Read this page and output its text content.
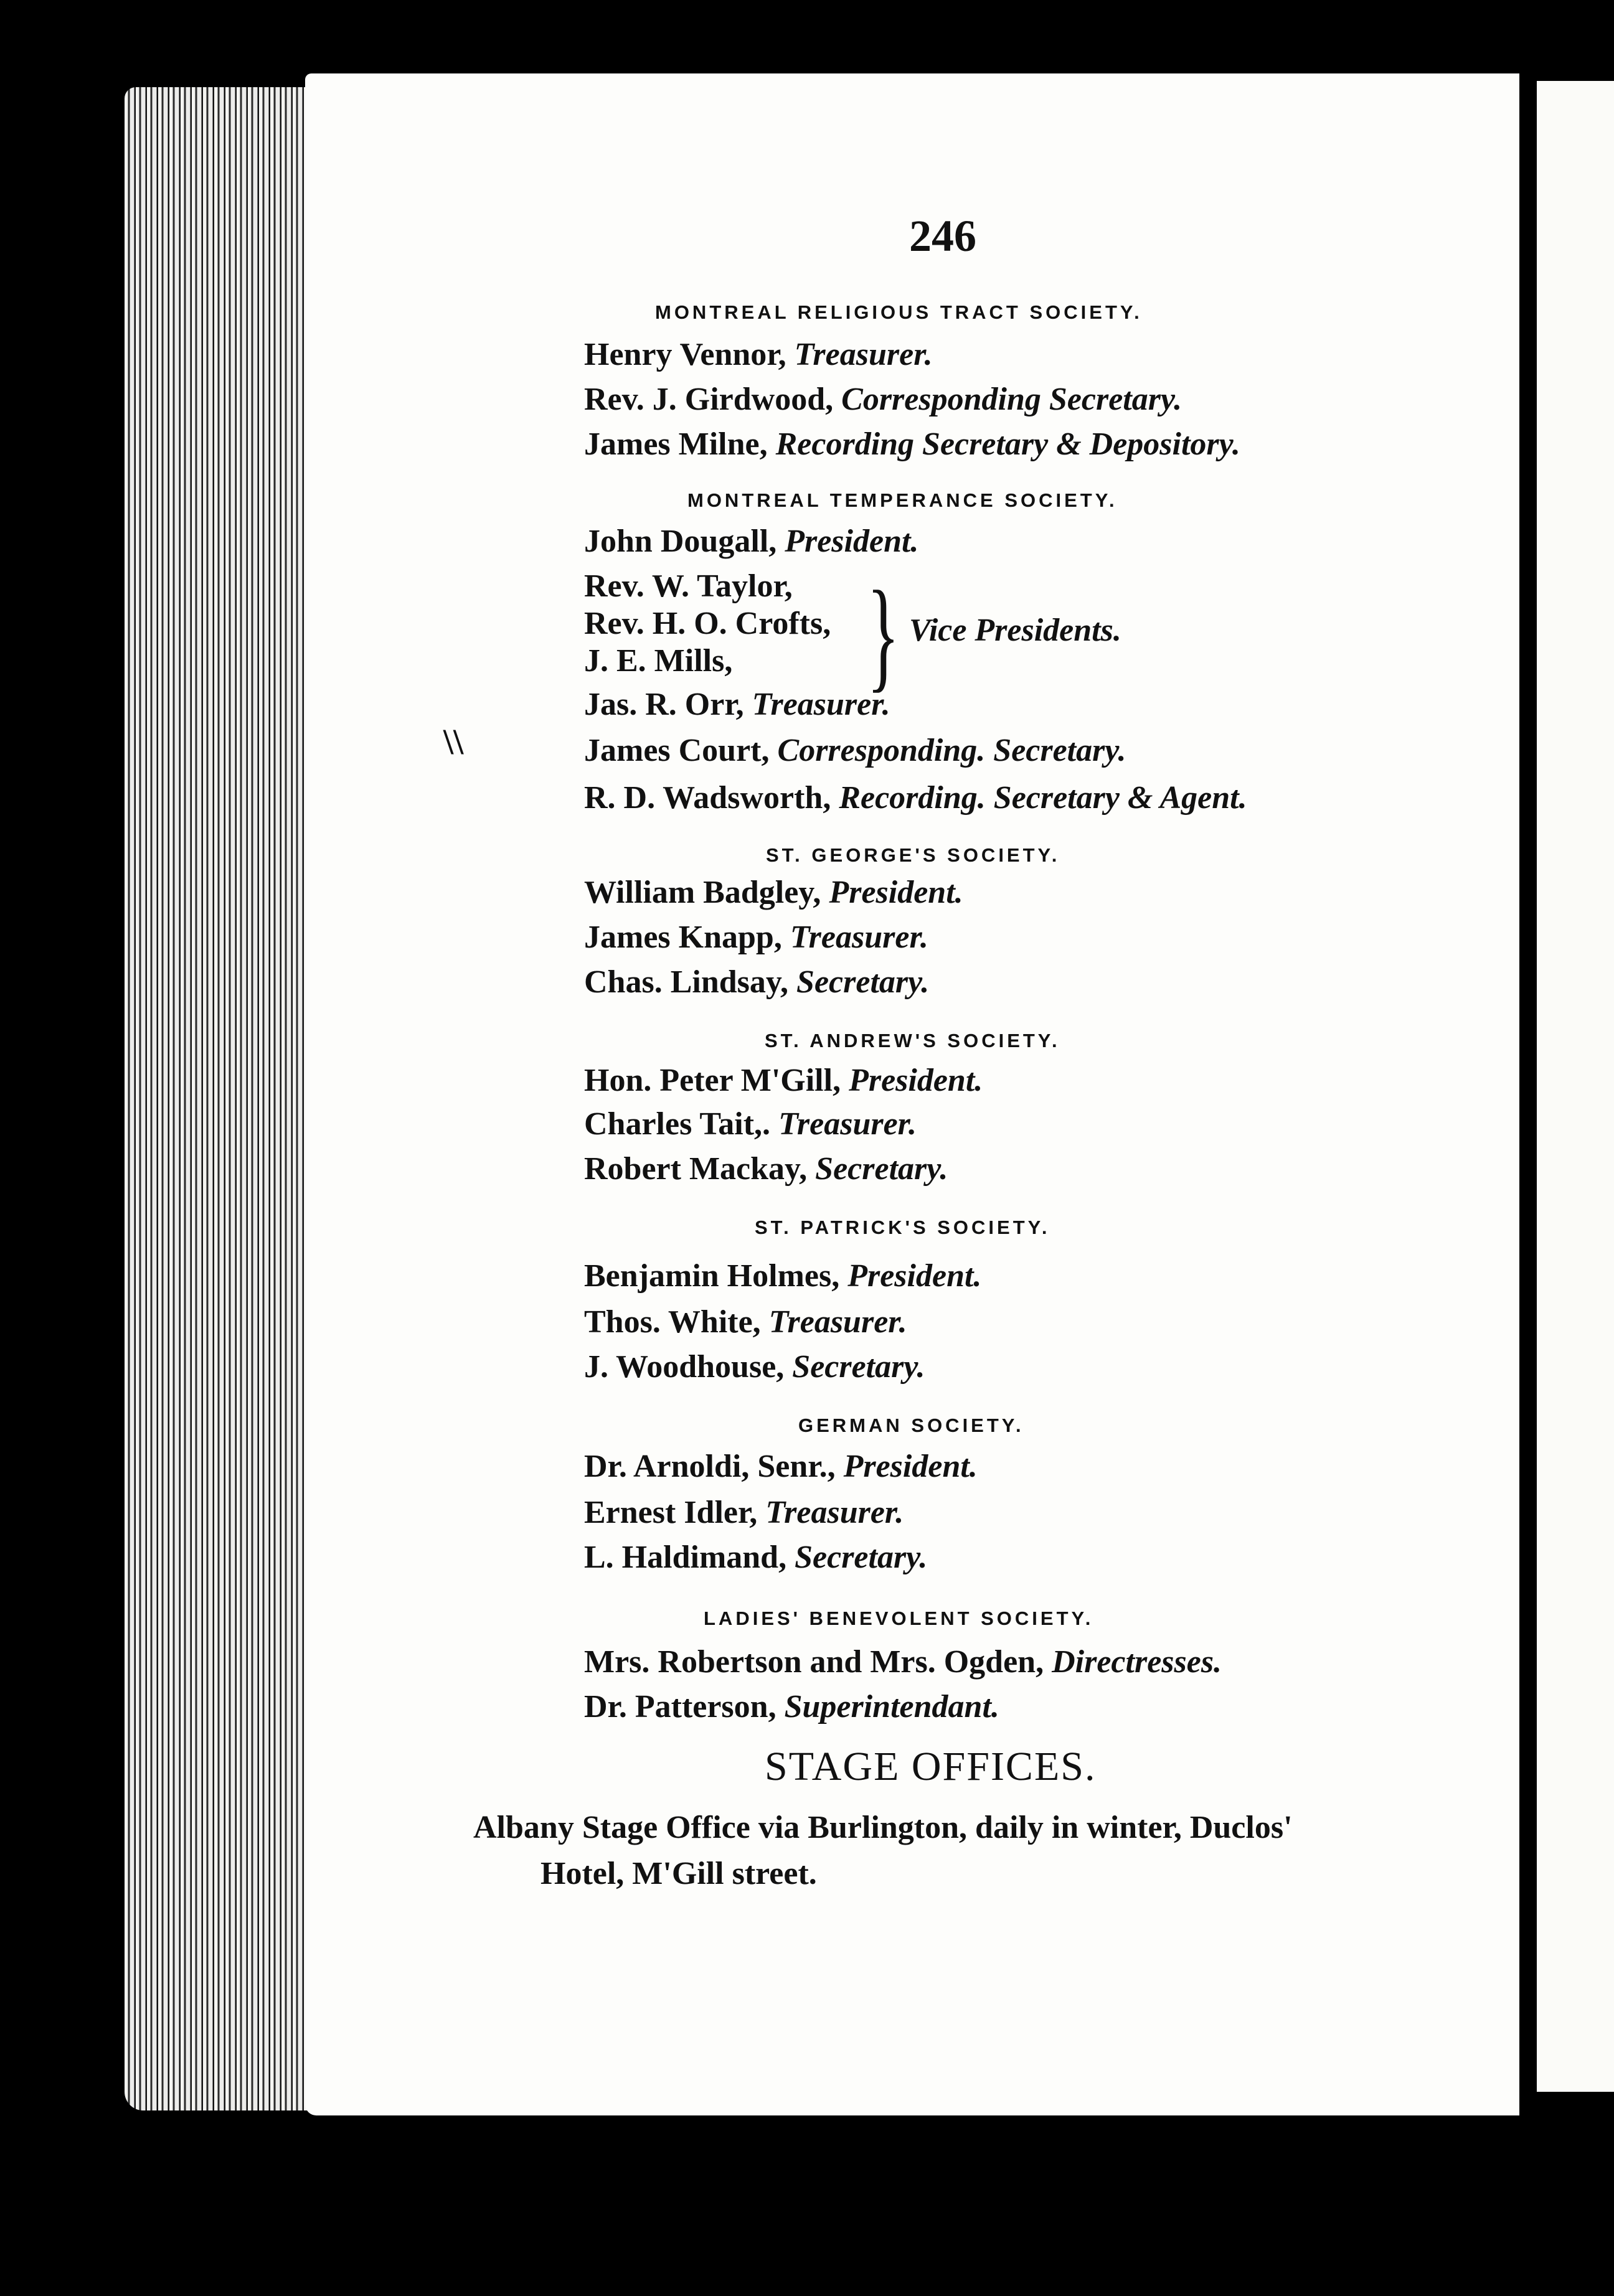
246
MONTREAL RELIGIOUS TRACT SOCIETY.
Henry Vennor, Treasurer.
Rev. J. Girdwood, Corresponding Secretary.
James Milne, Recording Secretary & Depository.
MONTREAL TEMPERANCE SOCIETY.
John Dougall, President.
Rev. W. Taylor,
Rev. H. O. Crofts,
J. E. Mills, } Vice Presidents.
Jas. R. Orr, Treasurer.
James Court, Corresponding. Secretary.
R. D. Wadsworth, Recording. Secretary & Agent.
\\
ST. GEORGE'S SOCIETY.
William Badgley, President.
James Knapp, Treasurer.
Chas. Lindsay, Secretary.
ST. ANDREW'S SOCIETY.
Hon. Peter M'Gill, President.
Charles Tait,. Treasurer.
Robert Mackay, Secretary.
ST. PATRICK'S SOCIETY.
Benjamin Holmes, President.
Thos. White, Treasurer.
J. Woodhouse, Secretary.
GERMAN SOCIETY.
Dr. Arnoldi, Senr., President.
Ernest Idler, Treasurer.
L. Haldimand, Secretary.
LADIES' BENEVOLENT SOCIETY.
Mrs. Robertson and Mrs. Ogden, Directresses.
Dr. Patterson, Superintendant.
STAGE OFFICES.
Albany Stage Office via Burlington, daily in winter, Duclos'
Hotel, M'Gill street.
